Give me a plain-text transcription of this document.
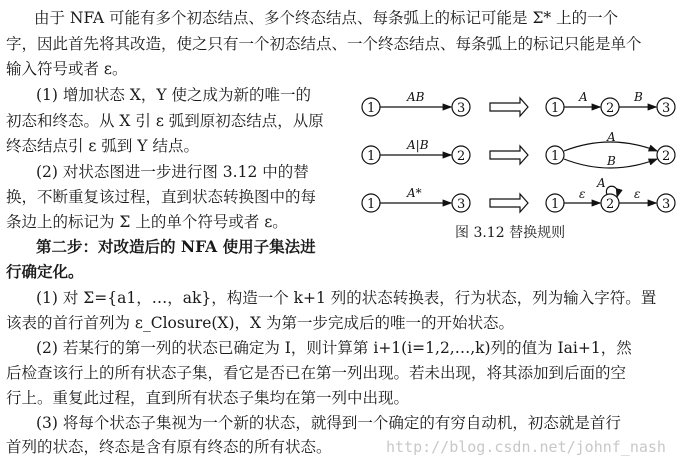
由于 NFA 可能有多个初态结点、多个终态结点、每条弧上的标记可能是 Σ* 上的一个
字，因此首先将其改造，使之只有一个初态结点、一个终态结点、每条弧上的标记只能是单个
输入符号或者 ε。
(1) 增加状态 X，Y 使之成为新的唯一的
初态和终态。从 X 引 ε 弧到原初态结点，从原
终态结点引 ε 弧到 Y 结点。
(2) 对状态图进一步进行图 3.12 中的替
换，不断重复该过程，直到状态转换图中的每
条边上的标记为 Σ 上的单个符号或者 ε。
第二步：对改造后的 NFA 使用子集法进
行确定化。
(1) 对 Σ={a1，…，ak}，构造一个 k+1 列的状态转换表，行为状态，列为输入字符。置
该表的首行首列为 ε_Closure(X)，X 为第一步完成后的唯一的开始状态。
(2) 若某行的第一列的状态已确定为 I，则计算第 i+1(i=1,2,…,k)列的值为 Iai+1，然
后检查该行上的所有状态子集，看它是否已在第一列出现。若未出现，将其添加到后面的空
行上。重复此过程，直到所有状态子集均在第一列中出现。
(3) 将每个状态子集视为一个新的状态，就得到一个确定的有穷自动机，初态就是首行
首列的状态，终态是含有原有终态的所有状态。
1	3
AB
1	2
A|B
1	3
A*
1	2	3
A	B
1	2
A
B
1	2	3
ε	ε
A
图 3.12 替换规则
http://blog.csdn.net/johnf_nash
